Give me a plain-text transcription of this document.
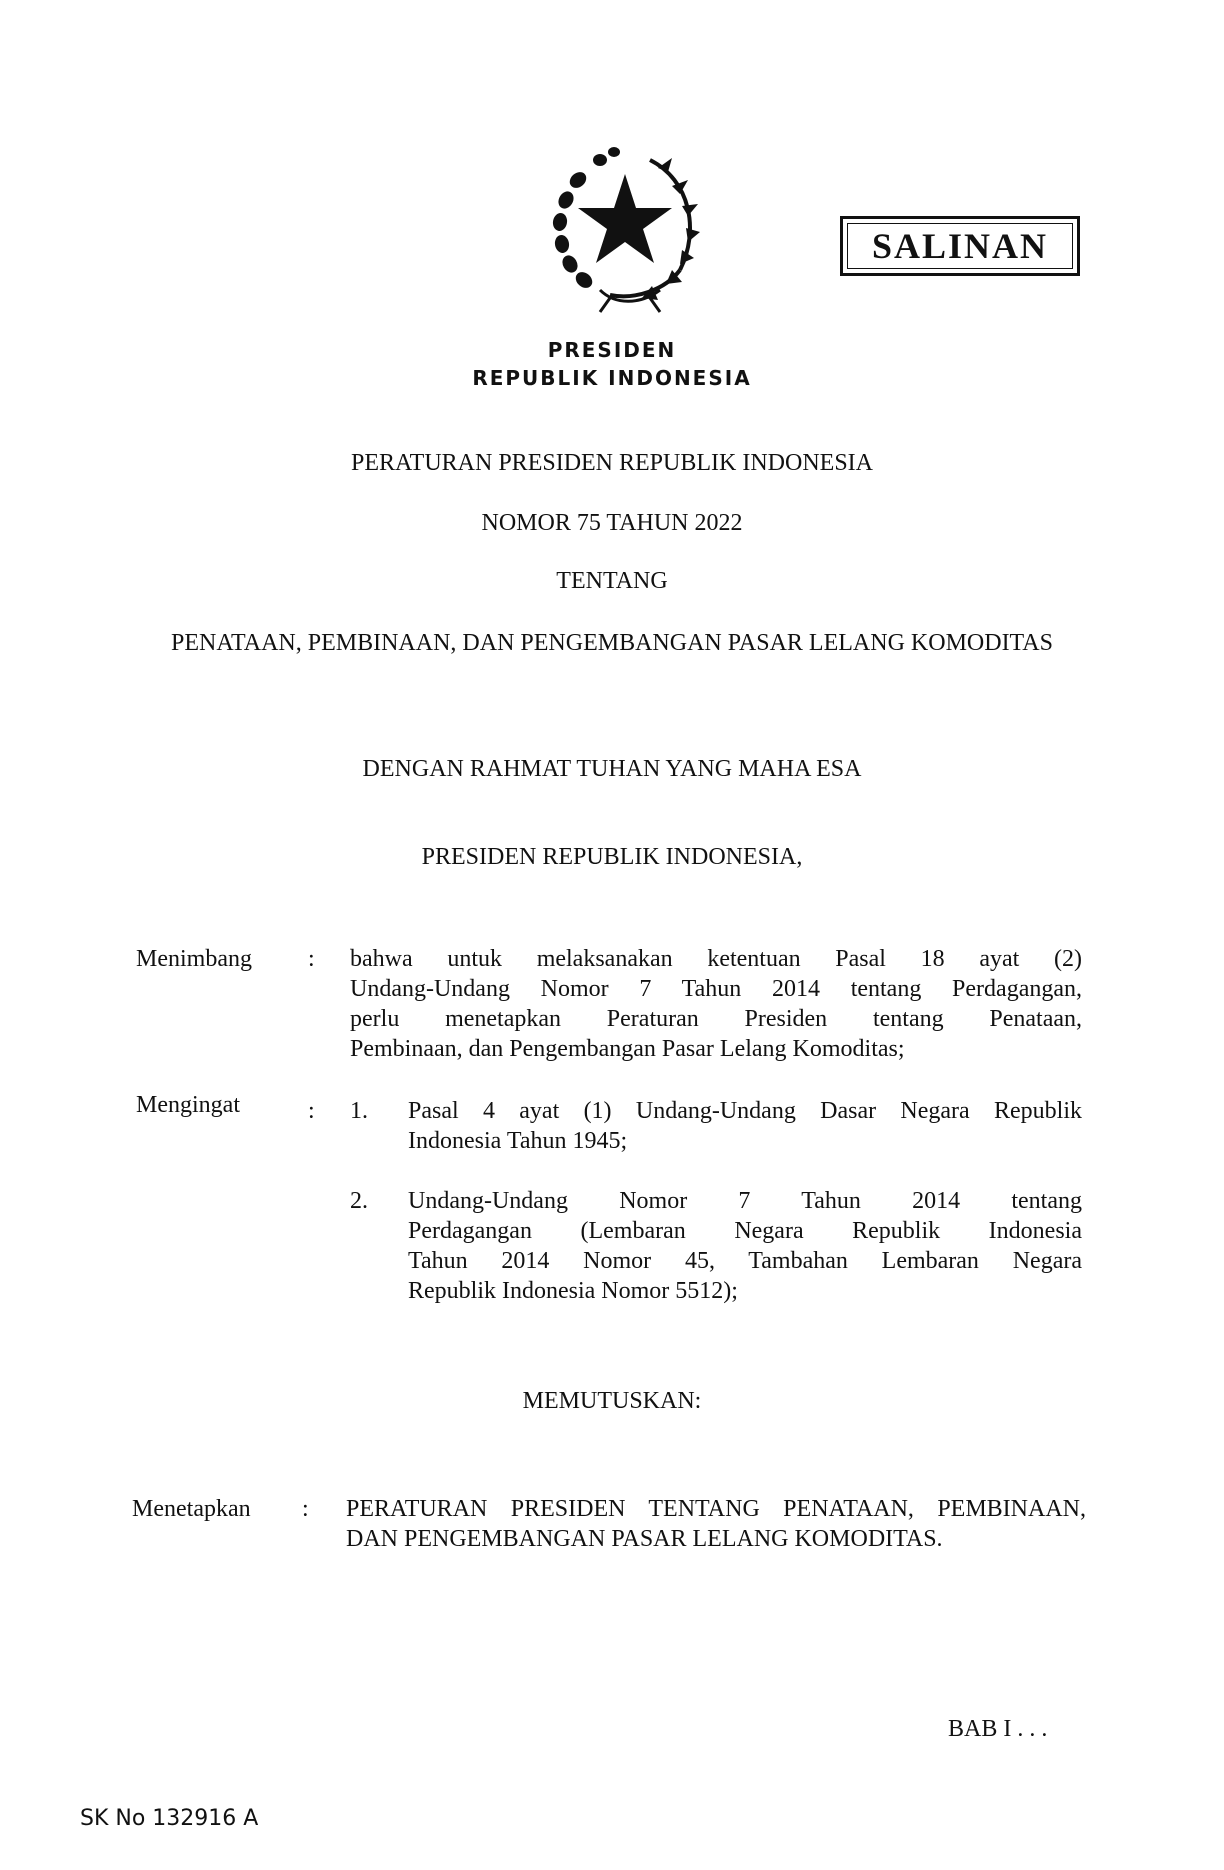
PRESIDEN
REPUBLIK INDONESIA
SALINAN
PERATURAN PRESIDEN REPUBLIK INDONESIA
NOMOR 75 TAHUN 2022
TENTANG
PENATAAN, PEMBINAAN, DAN PENGEMBANGAN PASAR LELANG KOMODITAS
DENGAN RAHMAT TUHAN YANG MAHA ESA
PRESIDEN REPUBLIK INDONESIA,
Menimbang : bahwa untuk melaksanakan ketentuan Pasal 18 ayat (2)
Undang-Undang Nomor 7 Tahun 2014 tentang Perdagangan,
perlu menetapkan Peraturan Presiden tentang Penataan,
Pembinaan, dan Pengembangan Pasar Lelang Komoditas;
Mengingat	: 1. Pasal 4 ayat (1) Undang-Undang Dasar Negara Republik
Indonesia Tahun 1945;
2. Undang-Undang Nomor 7 Tahun 2014 tentang
Perdagangan (Lembaran Negara Republik Indonesia
Tahun 2014 Nomor 45, Tambahan Lembaran Negara
Republik Indonesia Nomor 5512);
MEMUTUSKAN:
Menetapkan : PERATURAN PRESIDEN TENTANG PENATAAN, PEMBINAAN,
DAN PENGEMBANGAN PASAR LELANG KOMODITAS.
BAB I . . .
SK No 132916 A
